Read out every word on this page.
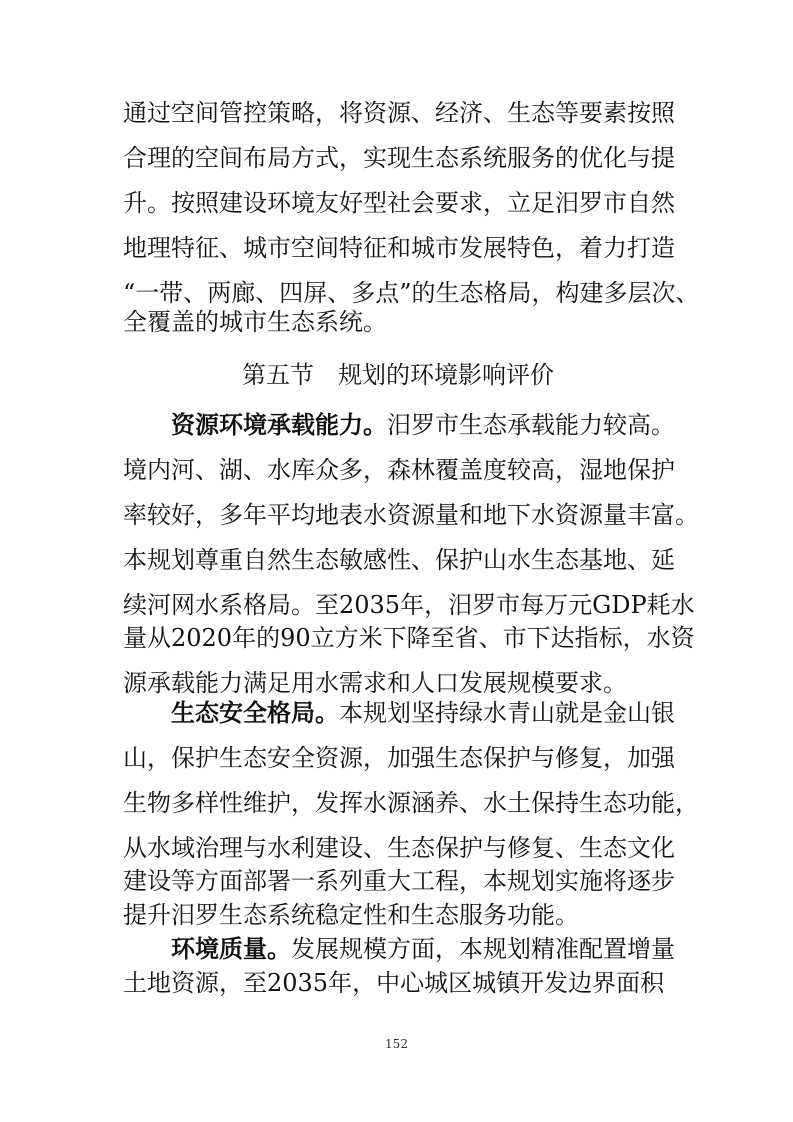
通过空间管控策略，将资源、经济、生态等要素按照
合理的空间布局方式，实现生态系统服务的优化与提
升。按照建设环境友好型社会要求，立足汨罗市自然
地理特征、城市空间特征和城市发展特色，着力打造
“一带、两廊、四屏、多点”的生态格局，构建多层次、
全覆盖的城市生态系统。
第五节 规划的环境影响评价
资源环境承载能力。汨罗市生态承载能力较高。
境内河、湖、水库众多，森林覆盖度较高，湿地保护
率较好，多年平均地表水资源量和地下水资源量丰富。
本规划尊重自然生态敏感性、保护山水生态基地、延
续河网水系格局。至2035年，汨罗市每万元GDP耗水
量从2020年的90立方米下降至省、市下达指标，水资
源承载能力满足用水需求和人口发展规模要求。
生态安全格局。本规划坚持绿水青山就是金山银
山，保护生态安全资源，加强生态保护与修复，加强
生物多样性维护，发挥水源涵养、水土保持生态功能，
从水域治理与水利建设、生态保护与修复、生态文化
建设等方面部署一系列重大工程，本规划实施将逐步
提升汨罗生态系统稳定性和生态服务功能。
环境质量。发展规模方面，本规划精准配置增量
土地资源，至2035年，中心城区城镇开发边界面积
152
